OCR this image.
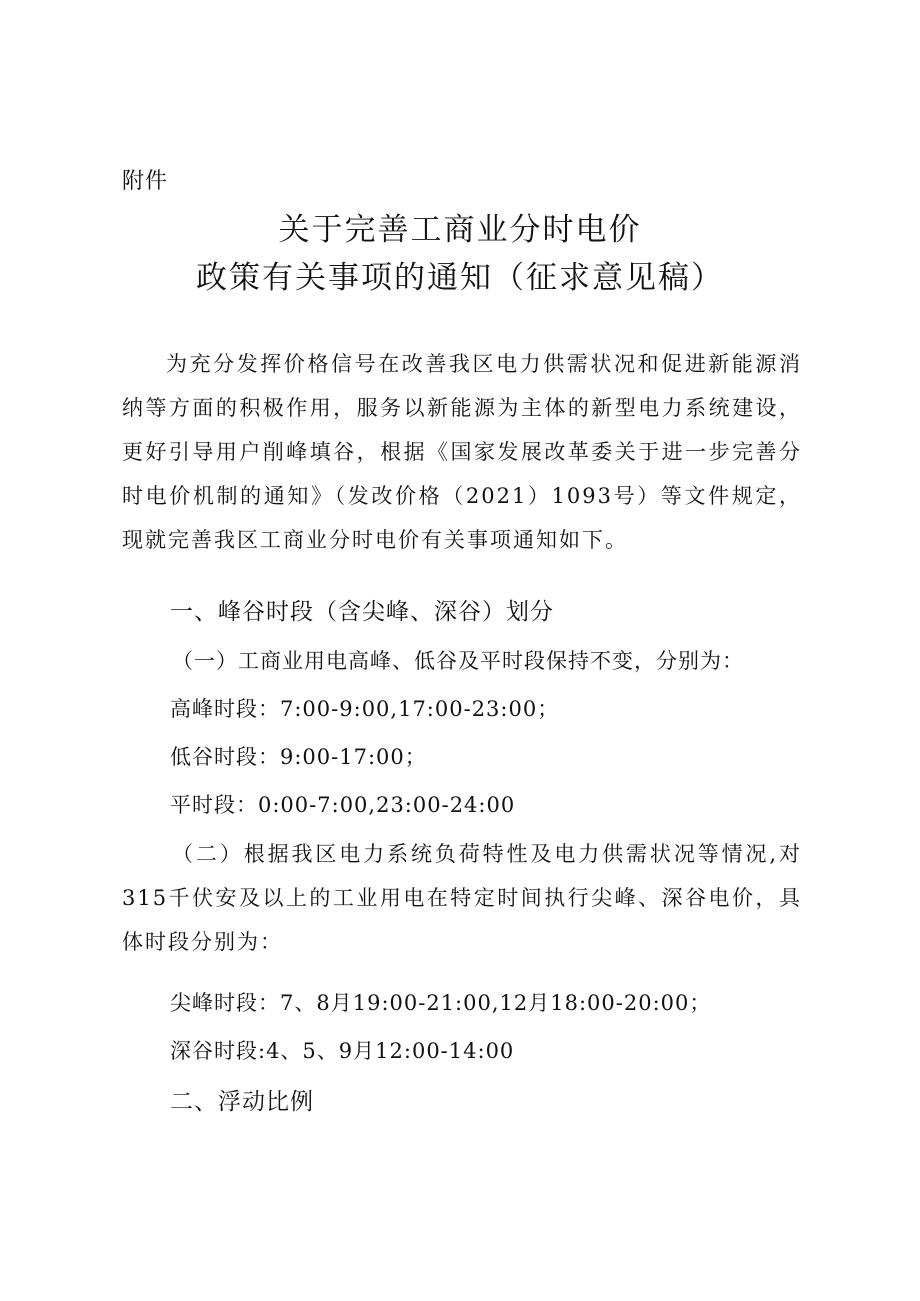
附件
关于完善工商业分时电价
政策有关事项的通知（征求意见稿）
为充分发挥价格信号在改善我区电力供需状况和促进新能源消纳等方面的积极作用，服务以新能源为主体的新型电力系统建设，更好引导用户削峰填谷，根据《国家发展改革委关于进一步完善分时电价机制的通知》（发改价格（2021）1093号）等文件规定，现就完善我区工商业分时电价有关事项通知如下。
一、峰谷时段（含尖峰、深谷）划分
（一）工商业用电高峰、低谷及平时段保持不变，分别为：
高峰时段：7:00-9:00,17:00-23:00；
低谷时段：9:00-17:00；
平时段：0:00-7:00,23:00-24:00
（二）根据我区电力系统负荷特性及电力供需状况等情况,对315千伏安及以上的工业用电在特定时间执行尖峰、深谷电价，具体时段分别为：
尖峰时段：7、8月19:00-21:00,12月18:00-20:00；
深谷时段:4、5、9月12:00-14:00
二、浮动比例
